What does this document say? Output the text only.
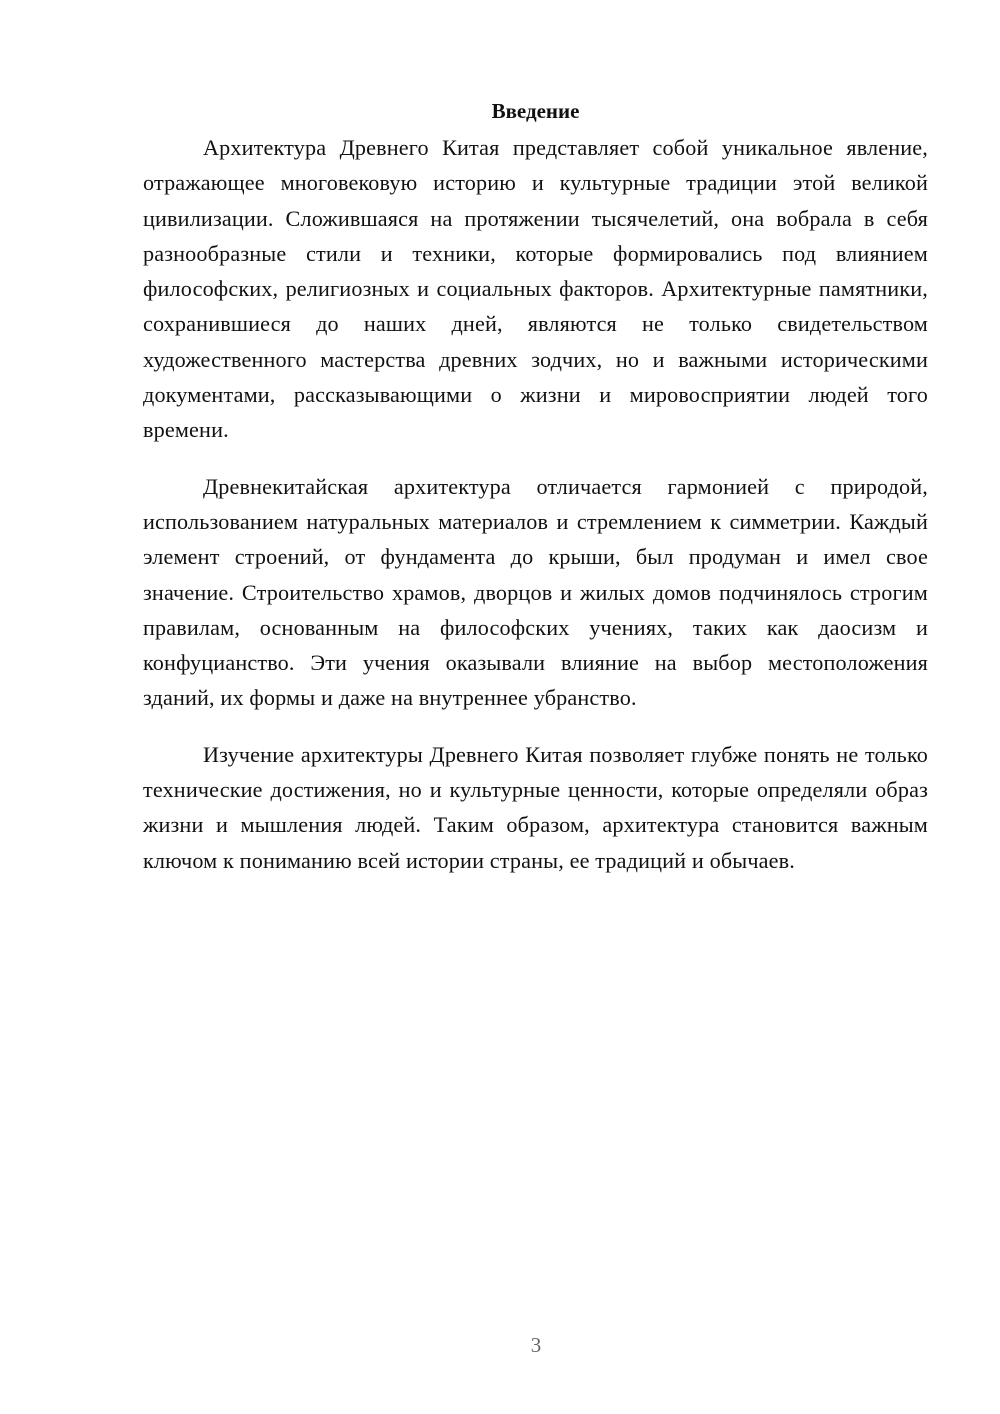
Введение

Архитектура Древнего Китая представляет собой уникальное явление, отражающее многовековую историю и культурные традиции этой великой цивилизации. Сложившаяся на протяжении тысячелетий, она вобрала в себя разнообразные стили и техники, которые формировались под влиянием философских, религиозных и социальных факторов. Архитектурные памятники, сохранившиеся до наших дней, являются не только свидетельством художественного мастерства древних зодчих, но и важными историческими документами, рассказывающими о жизни и мировосприятии людей того времени.

Древнекитайская архитектура отличается гармонией с природой, использованием натуральных материалов и стремлением к симметрии. Каждый элемент строений, от фундамента до крыши, был продуман и имел свое значение. Строительство храмов, дворцов и жилых домов подчинялось строгим правилам, основанным на философских учениях, таких как даосизм и конфуцианство. Эти учения оказывали влияние на выбор местоположения зданий, их формы и даже на внутреннее убранство.

Изучение архитектуры Древнего Китая позволяет глубже понять не только технические достижения, но и культурные ценности, которые определяли образ жизни и мышления людей. Таким образом, архитектура становится важным ключом к пониманию всей истории страны, ее традиций и обычаев.

3
